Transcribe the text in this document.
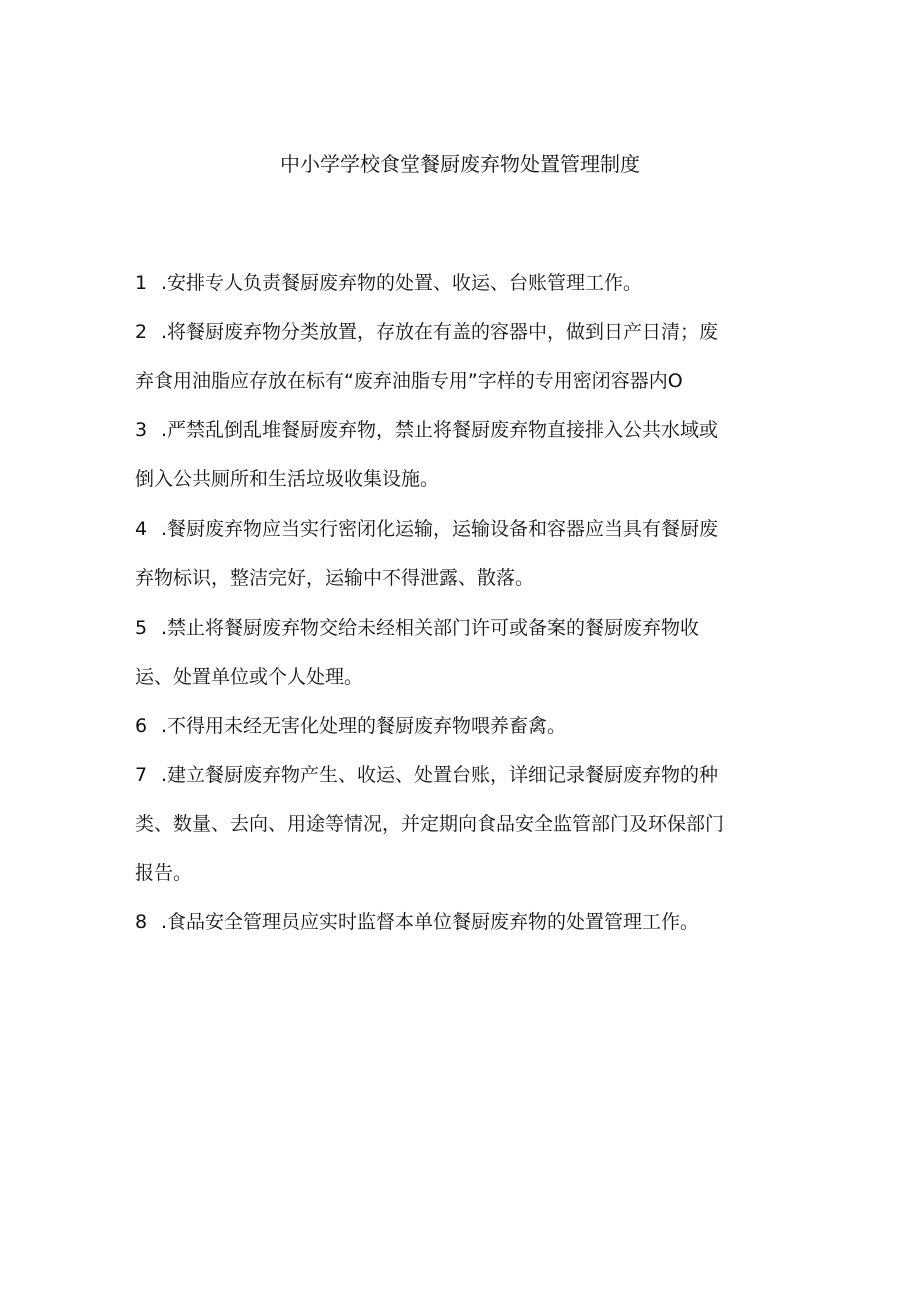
中小学学校食堂餐厨废弃物处置管理制度
1 .安排专人负责餐厨废弃物的处置、收运、台账管理工作。
2 .将餐厨废弃物分类放置，存放在有盖的容器中，做到日产日清；废
弃食用油脂应存放在标有“废弃油脂专用”字样的专用密闭容器内O
3 .严禁乱倒乱堆餐厨废弃物，禁止将餐厨废弃物直接排入公共水域或
倒入公共厕所和生活垃圾收集设施。
4 .餐厨废弃物应当实行密闭化运输，运输设备和容器应当具有餐厨废
弃物标识，整洁完好，运输中不得泄露、散落。
5 .禁止将餐厨废弃物交给未经相关部门许可或备案的餐厨废弃物收
运、处置单位或个人处理。
6 .不得用未经无害化处理的餐厨废弃物喂养畜禽。
7 .建立餐厨废弃物产生、收运、处置台账，详细记录餐厨废弃物的种
类、数量、去向、用途等情况，并定期向食品安全监管部门及环保部门
报告。
8 .食品安全管理员应实时监督本单位餐厨废弃物的处置管理工作。
